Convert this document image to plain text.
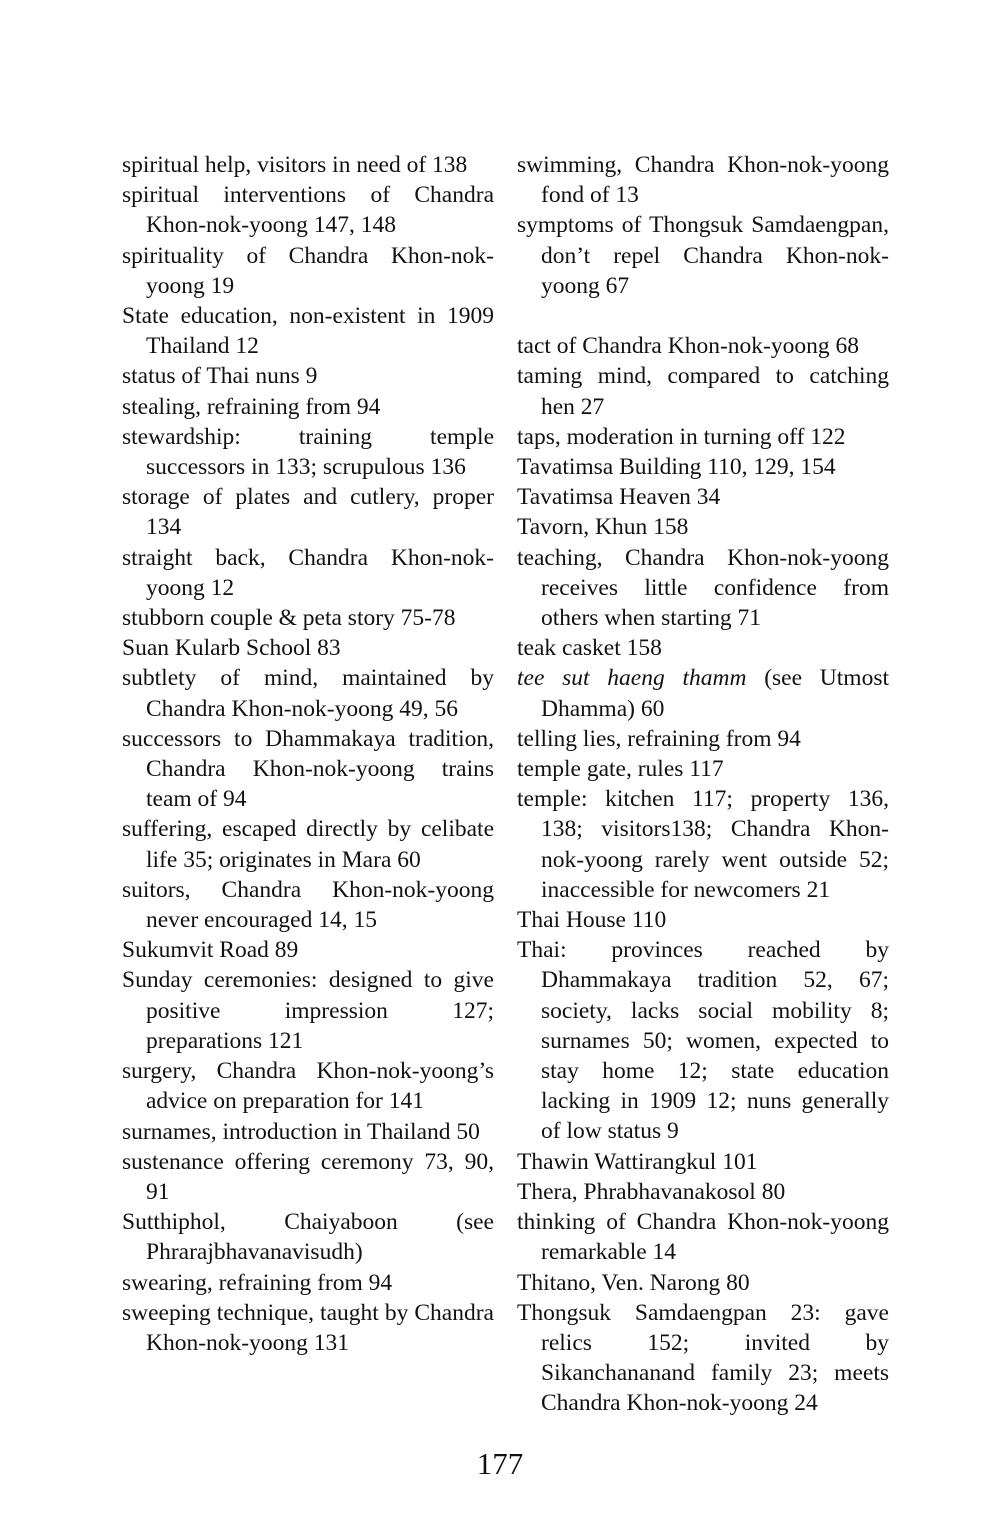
spiritual help, visitors in need of 138

spiritual interventions of Chandra Khon-nok-yoong 147, 148

spirituality of Chandra Khon-nok-yoong 19

State education, non-existent in 1909 Thailand 12

status of Thai nuns 9

stealing, refraining from 94

stewardship: training temple successors in 133; scrupulous 136

storage of plates and cutlery, proper 134

straight back, Chandra Khon-nok-yoong 12

stubborn couple & peta story 75-78

Suan Kularb School 83

subtlety of mind, maintained by Chandra Khon-nok-yoong 49, 56

successors to Dhammakaya tradition, Chandra Khon-nok-yoong trains team of 94

suffering, escaped directly by celibate life 35; originates in Mara 60

suitors, Chandra Khon-nok-yoong never encouraged 14, 15

Sukumvit Road 89

Sunday ceremonies: designed to give positive impression 127; preparations 121

surgery, Chandra Khon-nok-yoong’s advice on preparation for 141

surnames, introduction in Thailand 50

sustenance offering ceremony 73, 90, 91

Sutthiphol, Chaiyaboon (see Phrarajbhavanavisudh)

swearing, refraining from 94

sweeping technique, taught by Chandra Khon-nok-yoong 131

swimming, Chandra Khon-nok-yoong fond of 13

symptoms of Thongsuk Samdaengpan, don’t repel Chandra Khon-nok-yoong 67

tact of Chandra Khon-nok-yoong 68

taming mind, compared to catching hen 27

taps, moderation in turning off 122

Tavatimsa Building 110, 129, 154

Tavatimsa Heaven 34

Tavorn, Khun 158

teaching, Chandra Khon-nok-yoong receives little confidence from others when starting 71

teak casket 158

tee sut haeng thamm (see Utmost Dhamma) 60

telling lies, refraining from 94

temple gate, rules 117

temple: kitchen 117; property 136, 138; visitors138; Chandra Khon-nok-yoong rarely went outside 52; inaccessible for newcomers 21

Thai House 110

Thai: provinces reached by Dhammakaya tradition 52, 67; society, lacks social mobility 8; surnames 50; women, expected to stay home 12; state education lacking in 1909 12; nuns generally of low status 9

Thawin Wattirangkul 101

Thera, Phrabhavanakosol 80

thinking of Chandra Khon-nok-yoong remarkable 14

Thitano, Ven. Narong 80

Thongsuk Samdaengpan 23: gave relics 152; invited by Sikanchananand family 23; meets Chandra Khon-nok-yoong 24

177
